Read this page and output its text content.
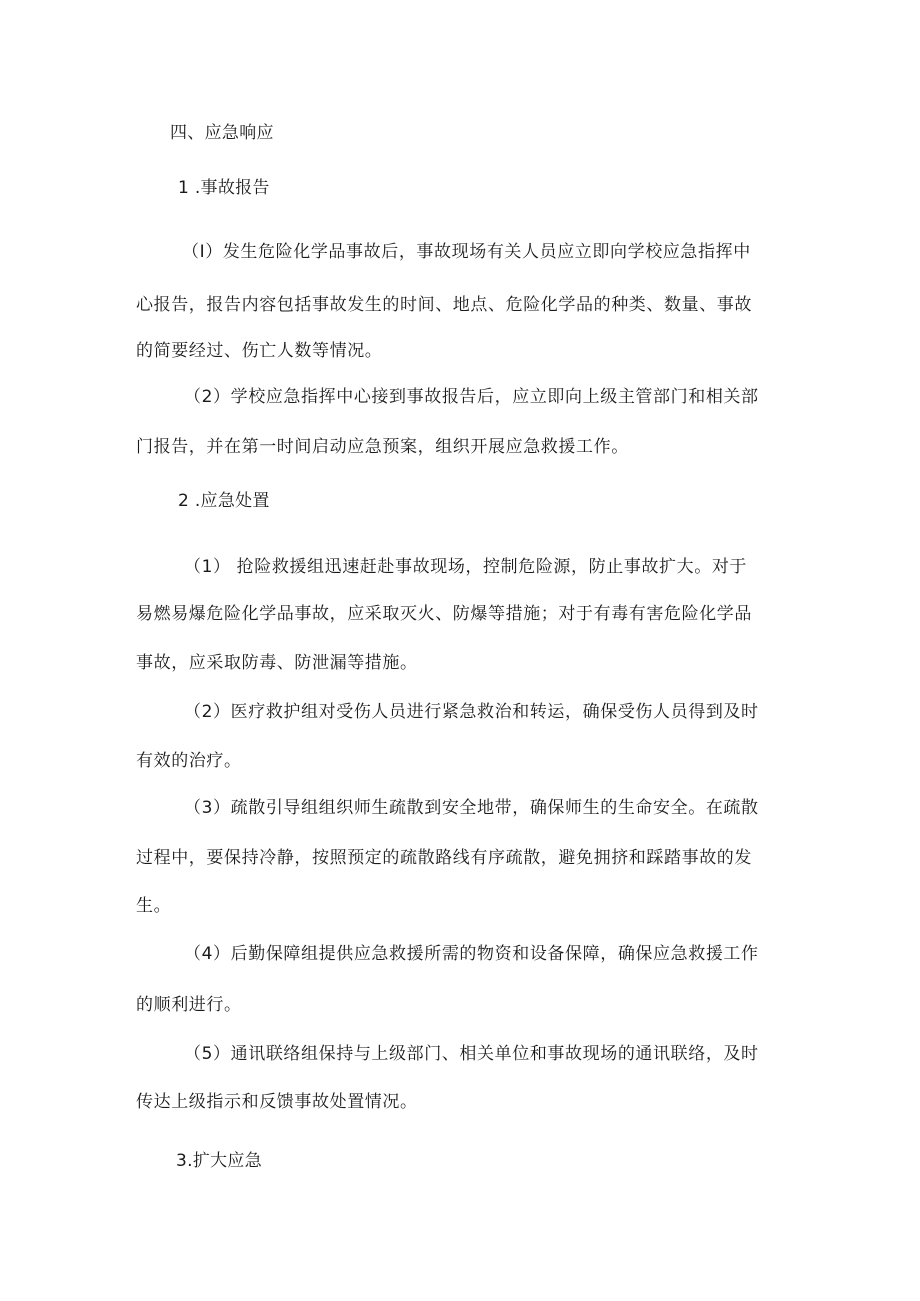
四、应急响应

1 .事故报告

（I）发生危险化学品事故后，事故现场有关人员应立即向学校应急指挥中

心报告，报告内容包括事故发生的时间、地点、危险化学品的种类、数量、事故

的简要经过、伤亡人数等情况。

（2）学校应急指挥中心接到事故报告后，应立即向上级主管部门和相关部

门报告，并在第一时间启动应急预案，组织开展应急救援工作。

2 .应急处置

（1） 抢险救援组迅速赶赴事故现场，控制危险源，防止事故扩大。对于

易燃易爆危险化学品事故，应采取灭火、防爆等措施；对于有毒有害危险化学品

事故，应采取防毒、防泄漏等措施。

（2）医疗救护组对受伤人员进行紧急救治和转运，确保受伤人员得到及时

有效的治疗。

（3）疏散引导组组织师生疏散到安全地带，确保师生的生命安全。在疏散

过程中，要保持冷静，按照预定的疏散路线有序疏散，避免拥挤和踩踏事故的发

生。

（4）后勤保障组提供应急救援所需的物资和设备保障，确保应急救援工作

的顺利进行。

（5）通讯联络组保持与上级部门、相关单位和事故现场的通讯联络，及时

传达上级指示和反馈事故处置情况。

3.扩大应急
